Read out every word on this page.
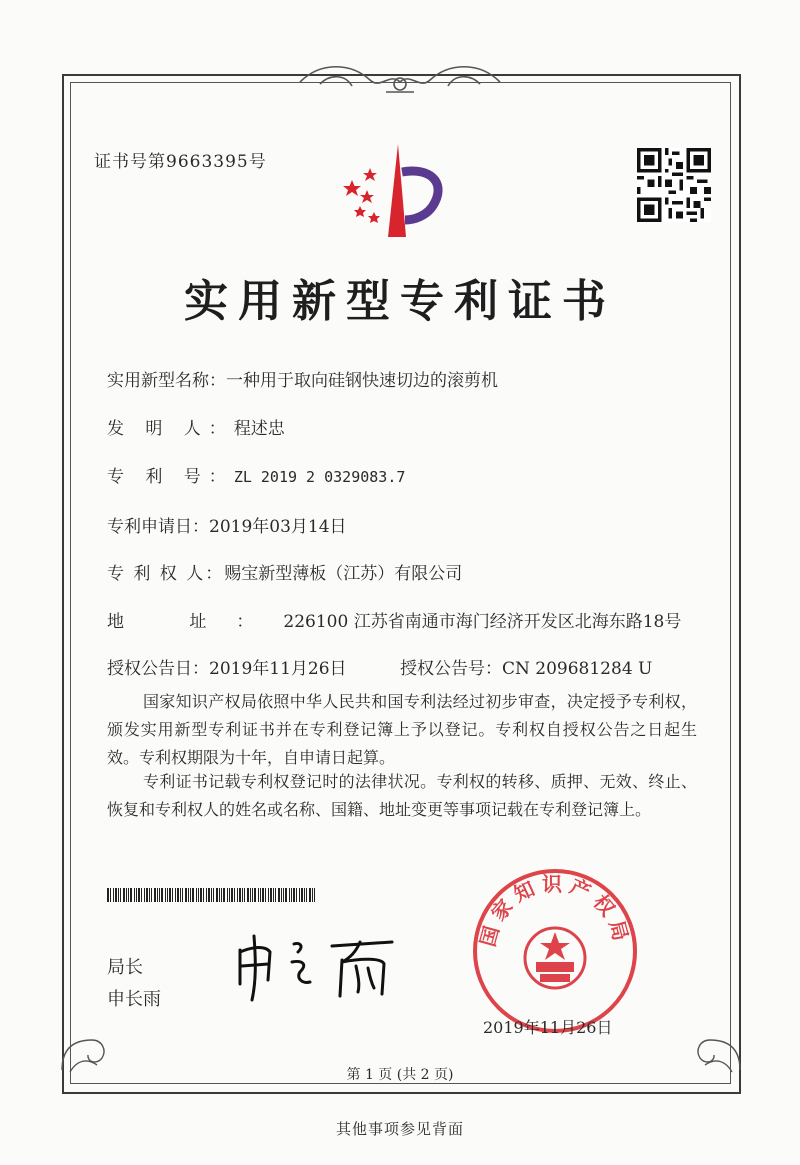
证书号第9663395号
实用新型专利证书
实用新型名称：一种用于取向硅钢快速切边的滚剪机
发 明 人：程述忠
专 利 号：ZL 2019 2 0329083.7
专利申请日：2019年03月14日
专 利 权 人：赐宝新型薄板（江苏）有限公司
地 址：226100 江苏省南通市海门经济开发区北海东路18号
授权公告日：2019年11月26日	授权公告号：CN 209681284 U
国家知识产权局依照中华人民共和国专利法经过初步审查，决定授予专利权，颁发实用新型专利证书并在专利登记簿上予以登记。专利权自授权公告之日起生效。专利权期限为十年，自申请日起算。
专利证书记载专利权登记时的法律状况。专利权的转移、质押、无效、终止、恢复和专利权人的姓名或名称、国籍、地址变更等事项记载在专利登记簿上。
局长
申长雨
国家知识产权局
2019年11月26日
第 1 页 (共 2 页)
其他事项参见背面
